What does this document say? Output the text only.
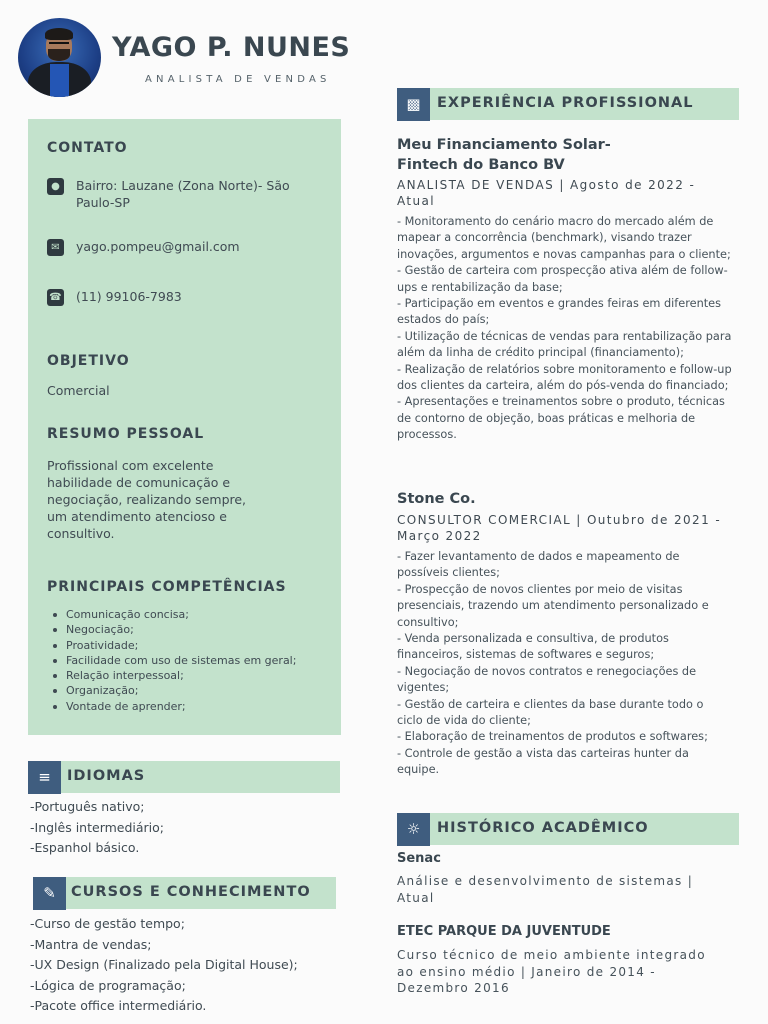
YAGO P. NUNES
ANALISTA DE VENDAS
CONTATO
●	Bairro: Lauzane (Zona Norte)- São Paulo-SP
✉	yago.pompeu@gmail.com
☎ (11) 99106-7983
OBJETIVO
Comercial
RESUMO PESSOAL
Profissional com excelente habilidade de comunicação e negociação, realizando sempre, um atendimento atencioso e consultivo.
PRINCIPAIS COMPETÊNCIAS
Comunicação concisa;
Negociação;
Proatividade;
Facilidade com uso de sistemas em geral;
Relação interpessoal;
Organização;
Vontade de aprender;
≡	IDIOMAS
-Português nativo;
-Inglês intermediário;
-Espanhol básico.
✎	CURSOS E CONHECIMENTO
-Curso de gestão tempo;
-Mantra de vendas;
-UX Design (Finalizado pela Digital House);
-Lógica de programação;
-Pacote office intermediário.
▩	EXPERIÊNCIA PROFISSIONAL
Meu Financiamento Solar-
Fintech do Banco BV
ANALISTA DE VENDAS | Agosto de 2022 - Atual
- Monitoramento do cenário macro do mercado além de mapear a concorrência (benchmark), visando trazer inovações, argumentos e novas campanhas para o cliente;
- Gestão de carteira com prospecção ativa além de follow-ups e rentabilização da base;
- Participação em eventos e grandes feiras em diferentes estados do país;
- Utilização de técnicas de vendas para rentabilização para além da linha de crédito principal (financiamento);
- Realização de relatórios sobre monitoramento e follow-up dos clientes da carteira, além do pós-venda do financiado;
- Apresentações e treinamentos sobre o produto, técnicas de contorno de objeção, boas práticas e melhoria de processos.
Stone Co.
CONSULTOR COMERCIAL | Outubro de 2021 - Março 2022
- Fazer levantamento de dados e mapeamento de possíveis clientes;
- Prospecção de novos clientes por meio de visitas presenciais, trazendo um atendimento personalizado e consultivo;
- Venda personalizada e consultiva, de produtos financeiros, sistemas de softwares e seguros;
- Negociação de novos contratos e renegociações de vigentes;
- Gestão de carteira e clientes da base durante todo o ciclo de vida do cliente;
- Elaboração de treinamentos de produtos e softwares;
- Controle de gestão a vista das carteiras hunter da equipe.
☼	HISTÓRICO ACADÊMICO
Senac
Análise e desenvolvimento de sistemas | Atual
ETEC PARQUE DA JUVENTUDE
Curso técnico de meio ambiente integrado ao ensino médio | Janeiro de 2014 - Dezembro 2016
